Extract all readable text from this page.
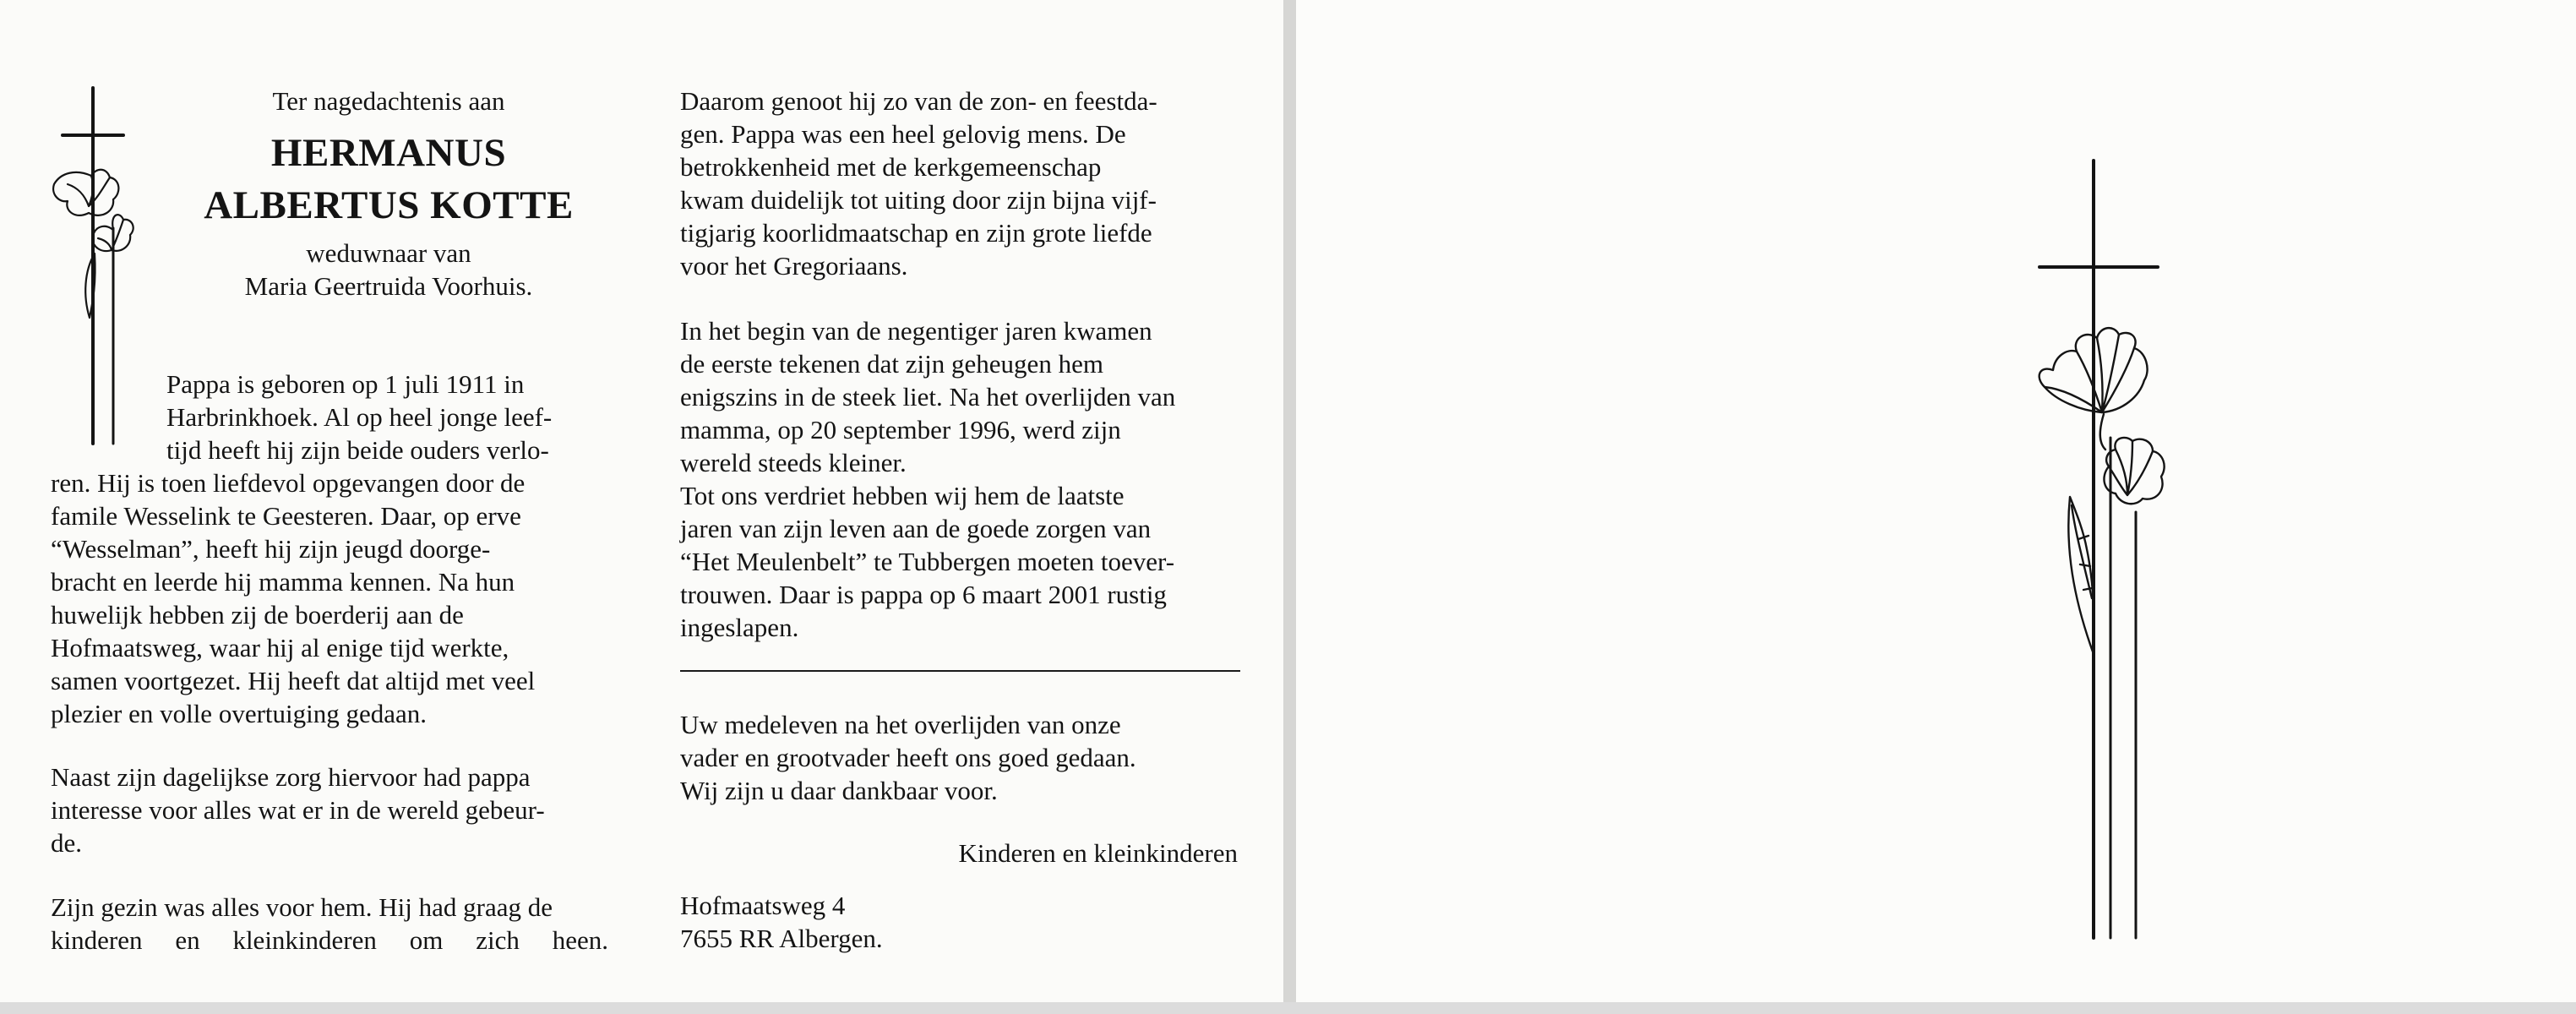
Ter nagedachtenis aan

HERMANUS
ALBERTUS KOTTE

weduwnaar van

Maria Geertruida Voorhuis.

Pappa is geboren op 1 juli 1911 in

Harbrinkhoek. Al op heel jonge leef-

tijd heeft hij zijn beide ouders verlo-

ren. Hij is toen liefdevol opgevangen door de

famile Wesselink te Geesteren. Daar, op erve

“Wesselman”, heeft hij zijn jeugd doorge-

bracht en leerde hij mamma kennen. Na hun

huwelijk hebben zij de boerderij aan de

Hofmaatsweg, waar hij al enige tijd werkte,

samen voortgezet. Hij heeft dat altijd met veel

plezier en volle overtuiging gedaan.

Naast zijn dagelijkse zorg hiervoor had pappa

interesse voor alles wat er in de wereld gebeur-

de.

Zijn gezin was alles voor hem. Hij had graag de

kinderen en kleinkinderen om zich heen.

Daarom genoot hij zo van de zon- en feestda-

gen. Pappa was een heel gelovig mens. De

betrokkenheid met de kerkgemeenschap

kwam duidelijk tot uiting door zijn bijna vijf-

tigjarig koorlidmaatschap en zijn grote liefde

voor het Gregoriaans.

In het begin van de negentiger jaren kwamen

de eerste tekenen dat zijn geheugen hem

enigszins in de steek liet. Na het overlijden van

mamma, op 20 september 1996, werd zijn

wereld steeds kleiner.

Tot ons verdriet hebben wij hem de laatste

jaren van zijn leven aan de goede zorgen van

“Het Meulenbelt” te Tubbergen moeten toever-

trouwen. Daar is pappa op 6 maart 2001 rustig

ingeslapen.

Uw medeleven na het overlijden van onze

vader en grootvader heeft ons goed gedaan.

Wij zijn u daar dankbaar voor.

Kinderen en kleinkinderen

Hofmaatsweg 4

7655 RR Albergen.
